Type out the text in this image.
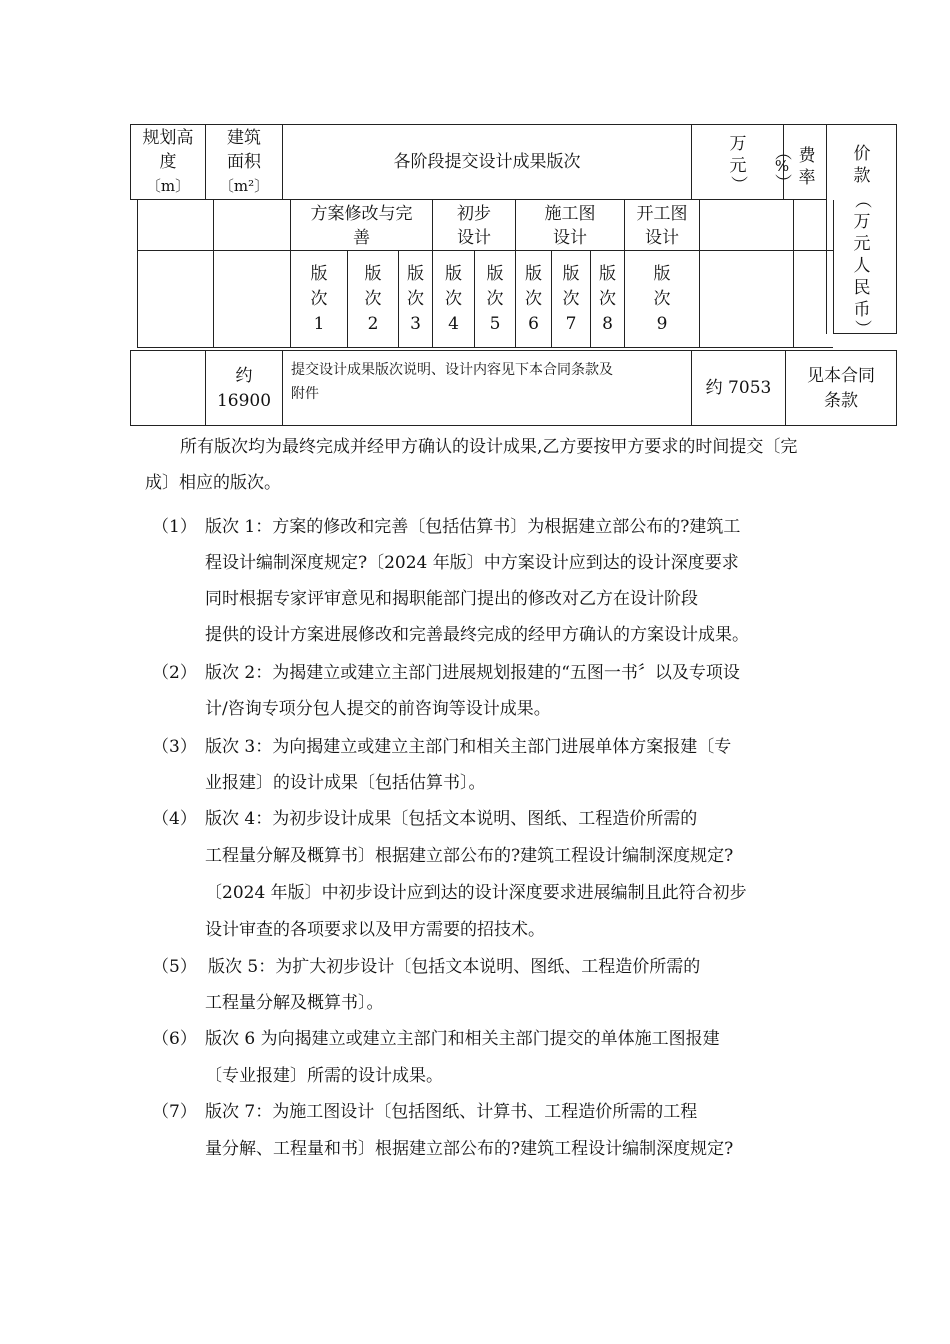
规划高
度
〔m〕
建筑
面积
〔m²〕
各阶段提交设计成果版次
万
元
）
（
%
）
费
率
价
款
（
万
元
人
民
币
）
方案修改与完
善
初步
设计
施工图
设计
开工图
设计
版
次
1
版
次
2
版
次
3
版
次
4
版
次
5
版
次
6
版
次
7
版
次
8
版
次
9
约
16900
提交设计成果版次说明、设计内容见下本合同条款及
附件	约 7053
见本合同
条款
所有版次均为最终完成并经甲方确认的设计成果,乙方要按甲方要求的时间提交〔完
成〕相应的版次。
（1） 版次 1：方案的修改和完善〔包括估算书〕为根据建立部公布的?建筑工
程设计编制深度规定?〔2024 年版〕中方案设计应到达的设计深度要求
同时根据专家评审意见和揭职能部门提出的修改对乙方在设计阶段
提供的设计方案进展修改和完善最终完成的经甲方确认的方案设计成果。
（2） 版次 2：为揭建立或建立主部门进展规划报建的“五图一书〞以及专项设
计/咨询专项分包人提交的前咨询等设计成果。
（3） 版次 3：为向揭建立或建立主部门和相关主部门进展单体方案报建〔专
业报建〕的设计成果〔包括估算书〕。
（4） 版次 4：为初步设计成果〔包括文本说明、图纸、工程造价所需的
工程量分解及概算书〕根据建立部公布的?建筑工程设计编制深度规定?
〔2024 年版〕中初步设计应到达的设计深度要求进展编制且此符合初步
设计审查的各项要求以及甲方需要的招技术。
（5） 版次 5：为扩大初步设计〔包括文本说明、图纸、工程造价所需的
工程量分解及概算书〕。
（6） 版次 6 为向揭建立或建立主部门和相关主部门提交的单体施工图报建
〔专业报建〕所需的设计成果。
（7） 版次 7：为施工图设计〔包括图纸、计算书、工程造价所需的工程
量分解、工程量和书〕根据建立部公布的?建筑工程设计编制深度规定?
